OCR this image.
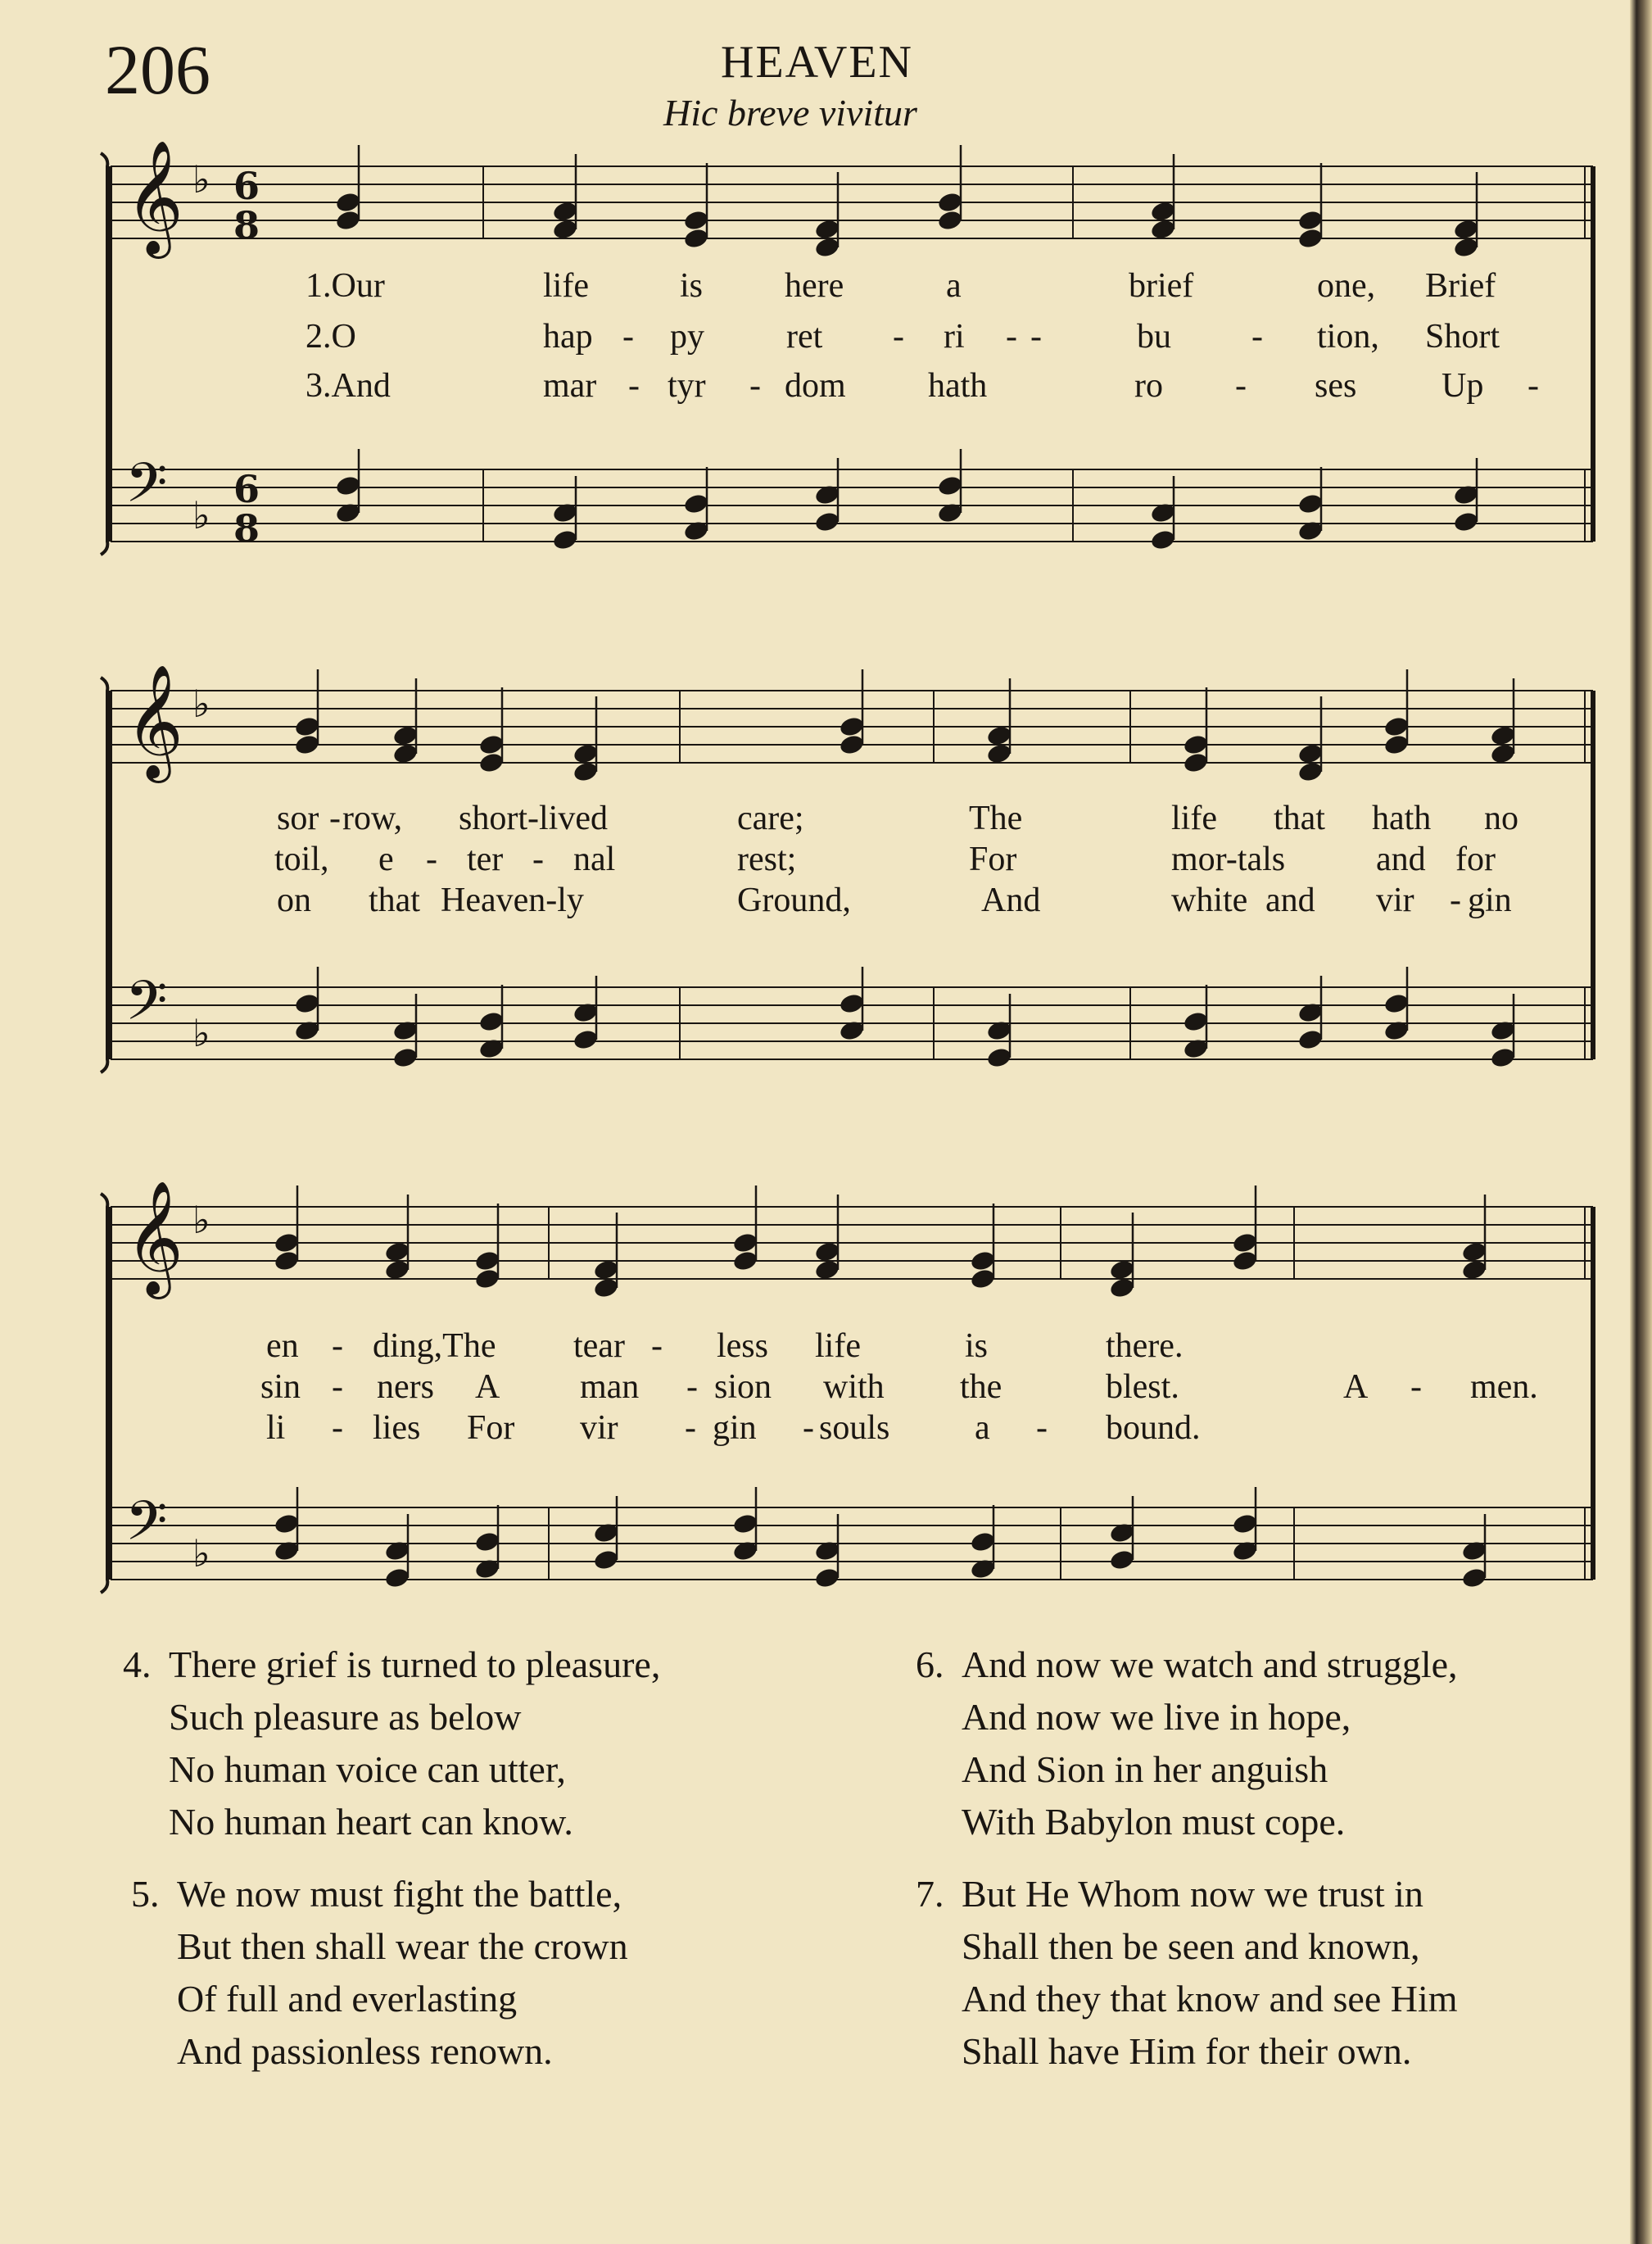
206	HEAVEN
Hic breve vivitur
𝄞 ♭ 6
8
𝄢 ♭
6
8
𝄞 ♭
𝄢 ♭
𝄞 ♭
𝄢 ♭
1.Our	life	is here	a	brief	one, Brief
2.O	hap - py ret - ri - -	bu - tion, Short
3.And	mar - tyr - dom hath	ro - ses Up -
sor - row, short-lived	care;	The	life that hath no
toil, e - ter - nal	rest;	For	mor-tals	and for
on that Heaven-ly	Ground,	And	white and vir - gin
en - ding,The tear - less life	is	there.
sin - ners A man - sion with the	blest.	A - men.
li - lies For vir - gin - souls a - bound.
4. There grief is turned to pleasure,
Such pleasure as below
No human voice can utter,
No human heart can know.
5. We now must fight the battle,
But then shall wear the crown
Of full and everlasting
And passionless renown.
6. And now we watch and struggle,
And now we live in hope,
And Sion in her anguish
With Babylon must cope.
7. But He Whom now we trust in
Shall then be seen and known,
And they that know and see Him
Shall have Him for their own.
